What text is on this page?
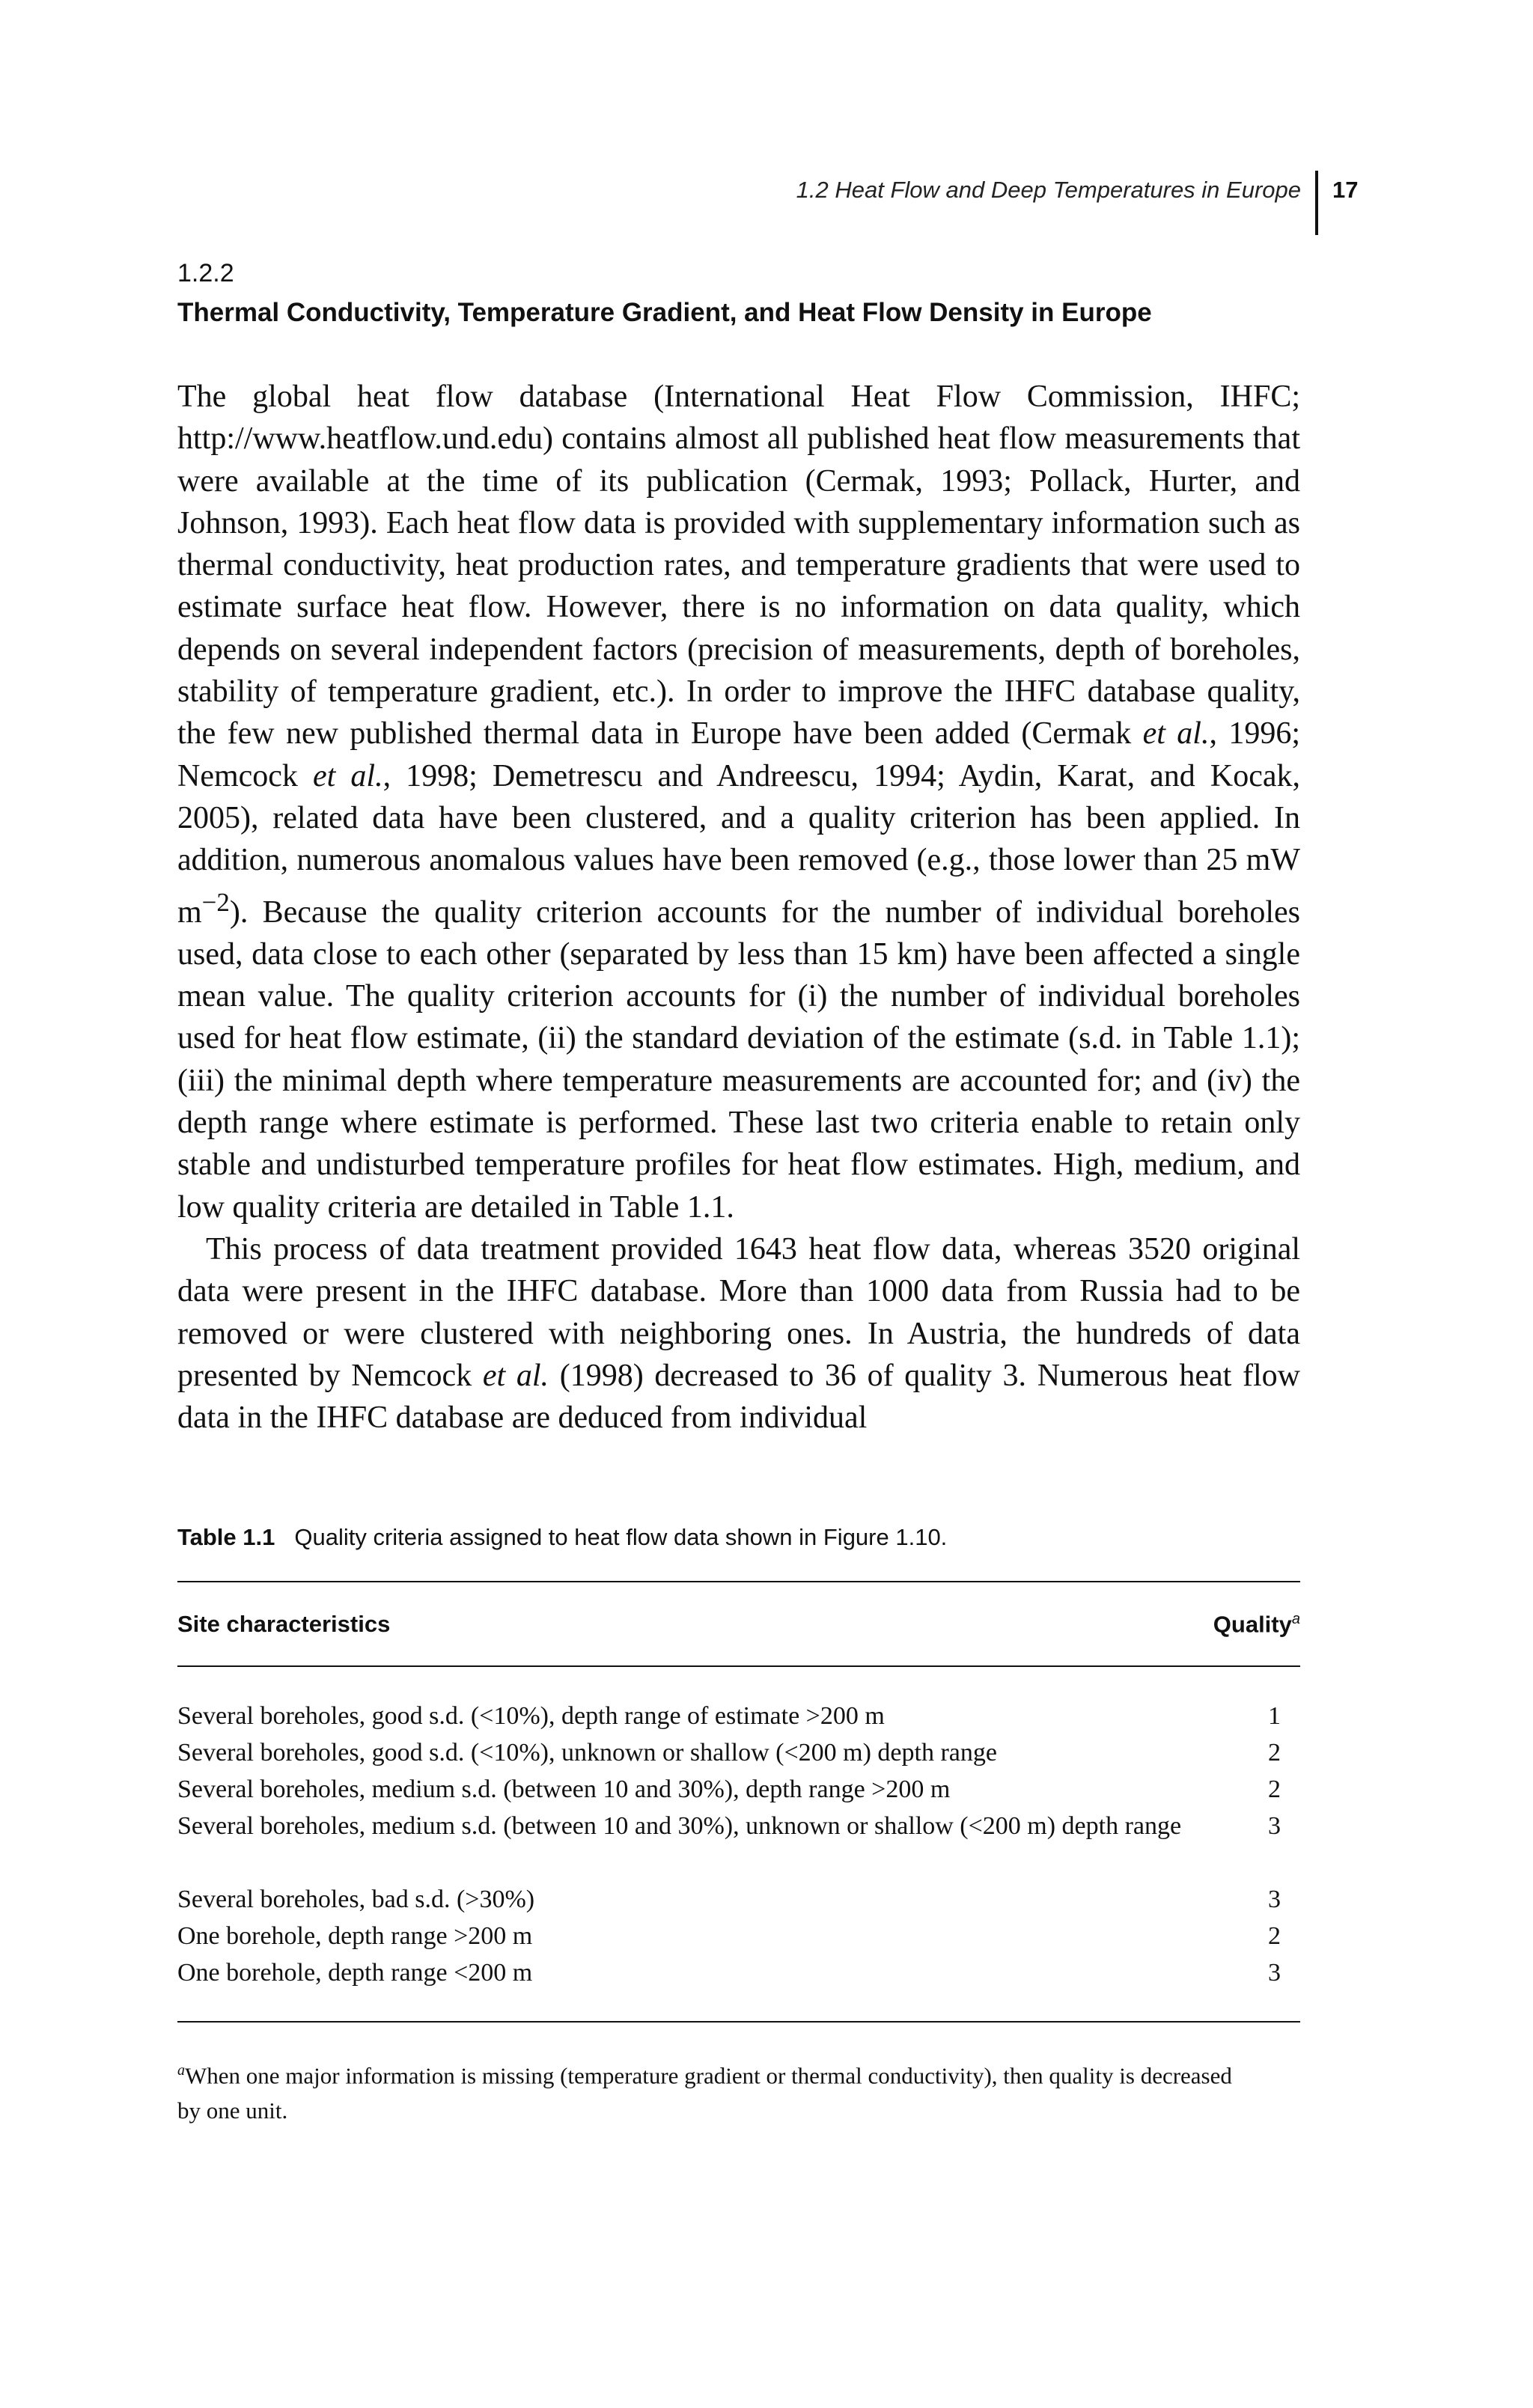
1.2 Heat Flow and Deep Temperatures in Europe 17
1.2.2
Thermal Conductivity, Temperature Gradient, and Heat Flow Density in Europe

The global heat flow database (International Heat Flow Commission, IHFC; http://www.heatflow.und.edu) contains almost all published heat flow measurements that were available at the time of its publication (Cermak, 1993; Pollack, Hurter, and Johnson, 1993). Each heat flow data is provided with supplementary information such as thermal conductivity, heat production rates, and temperature gradients that were used to estimate surface heat flow. However, there is no information on data quality, which depends on several independent factors (precision of measurements, depth of boreholes, stability of temperature gradient, etc.). In order to improve the IHFC database quality, the few new published thermal data in Europe have been added (Cermak et al., 1996; Nemcock et al., 1998; Demetrescu and Andreescu, 1994; Aydin, Karat, and Kocak, 2005), related data have been clustered, and a quality criterion has been applied. In addition, numerous anomalous values have been removed (e.g., those lower than 25 mW $m^{-2}$). Because the quality criterion accounts for the number of individual boreholes used, data close to each other (separated by less than 15 km) have been affected a single mean value. The quality criterion accounts for (i) the number of individual boreholes used for heat flow estimate, (ii) the standard deviation of the estimate (s.d. in Table 1.1); (iii) the minimal depth where temperature measurements are accounted for; and (iv) the depth range where estimate is performed. These last two criteria enable to retain only stable and undisturbed temperature profiles for heat flow estimates. High, medium, and low quality criteria are detailed in Table 1.1.

This process of data treatment provided 1643 heat flow data, whereas 3520 original data were present in the IHFC database. More than 1000 data from Russia had to be removed or were clustered with neighboring ones. In Austria, the hundreds of data presented by Nemcock et al. (1998) decreased to 36 of quality 3. Numerous heat flow data in the IHFC database are deduced from individual

Table 1.1 Quality criteria assigned to heat flow data shown in Figure 1.10.
Site characteristics	Quality$^a$
Several boreholes, good s.d. (<10%), depth range of estimate >200 m	1
Several boreholes, good s.d. (<10%), unknown or shallow (<200 m) depth range	2
Several boreholes, medium s.d. (between 10 and 30%), depth range >200 m	2
Several boreholes, medium s.d. (between 10 and 30%), unknown or shallow (<200 m) depth range	3
Several boreholes, bad s.d. (>30%)	3
One borehole, depth range >200 m	2
One borehole, depth range <200 m	3
$^a$When one major information is missing (temperature gradient or thermal conductivity), then quality is decreased by one unit.
